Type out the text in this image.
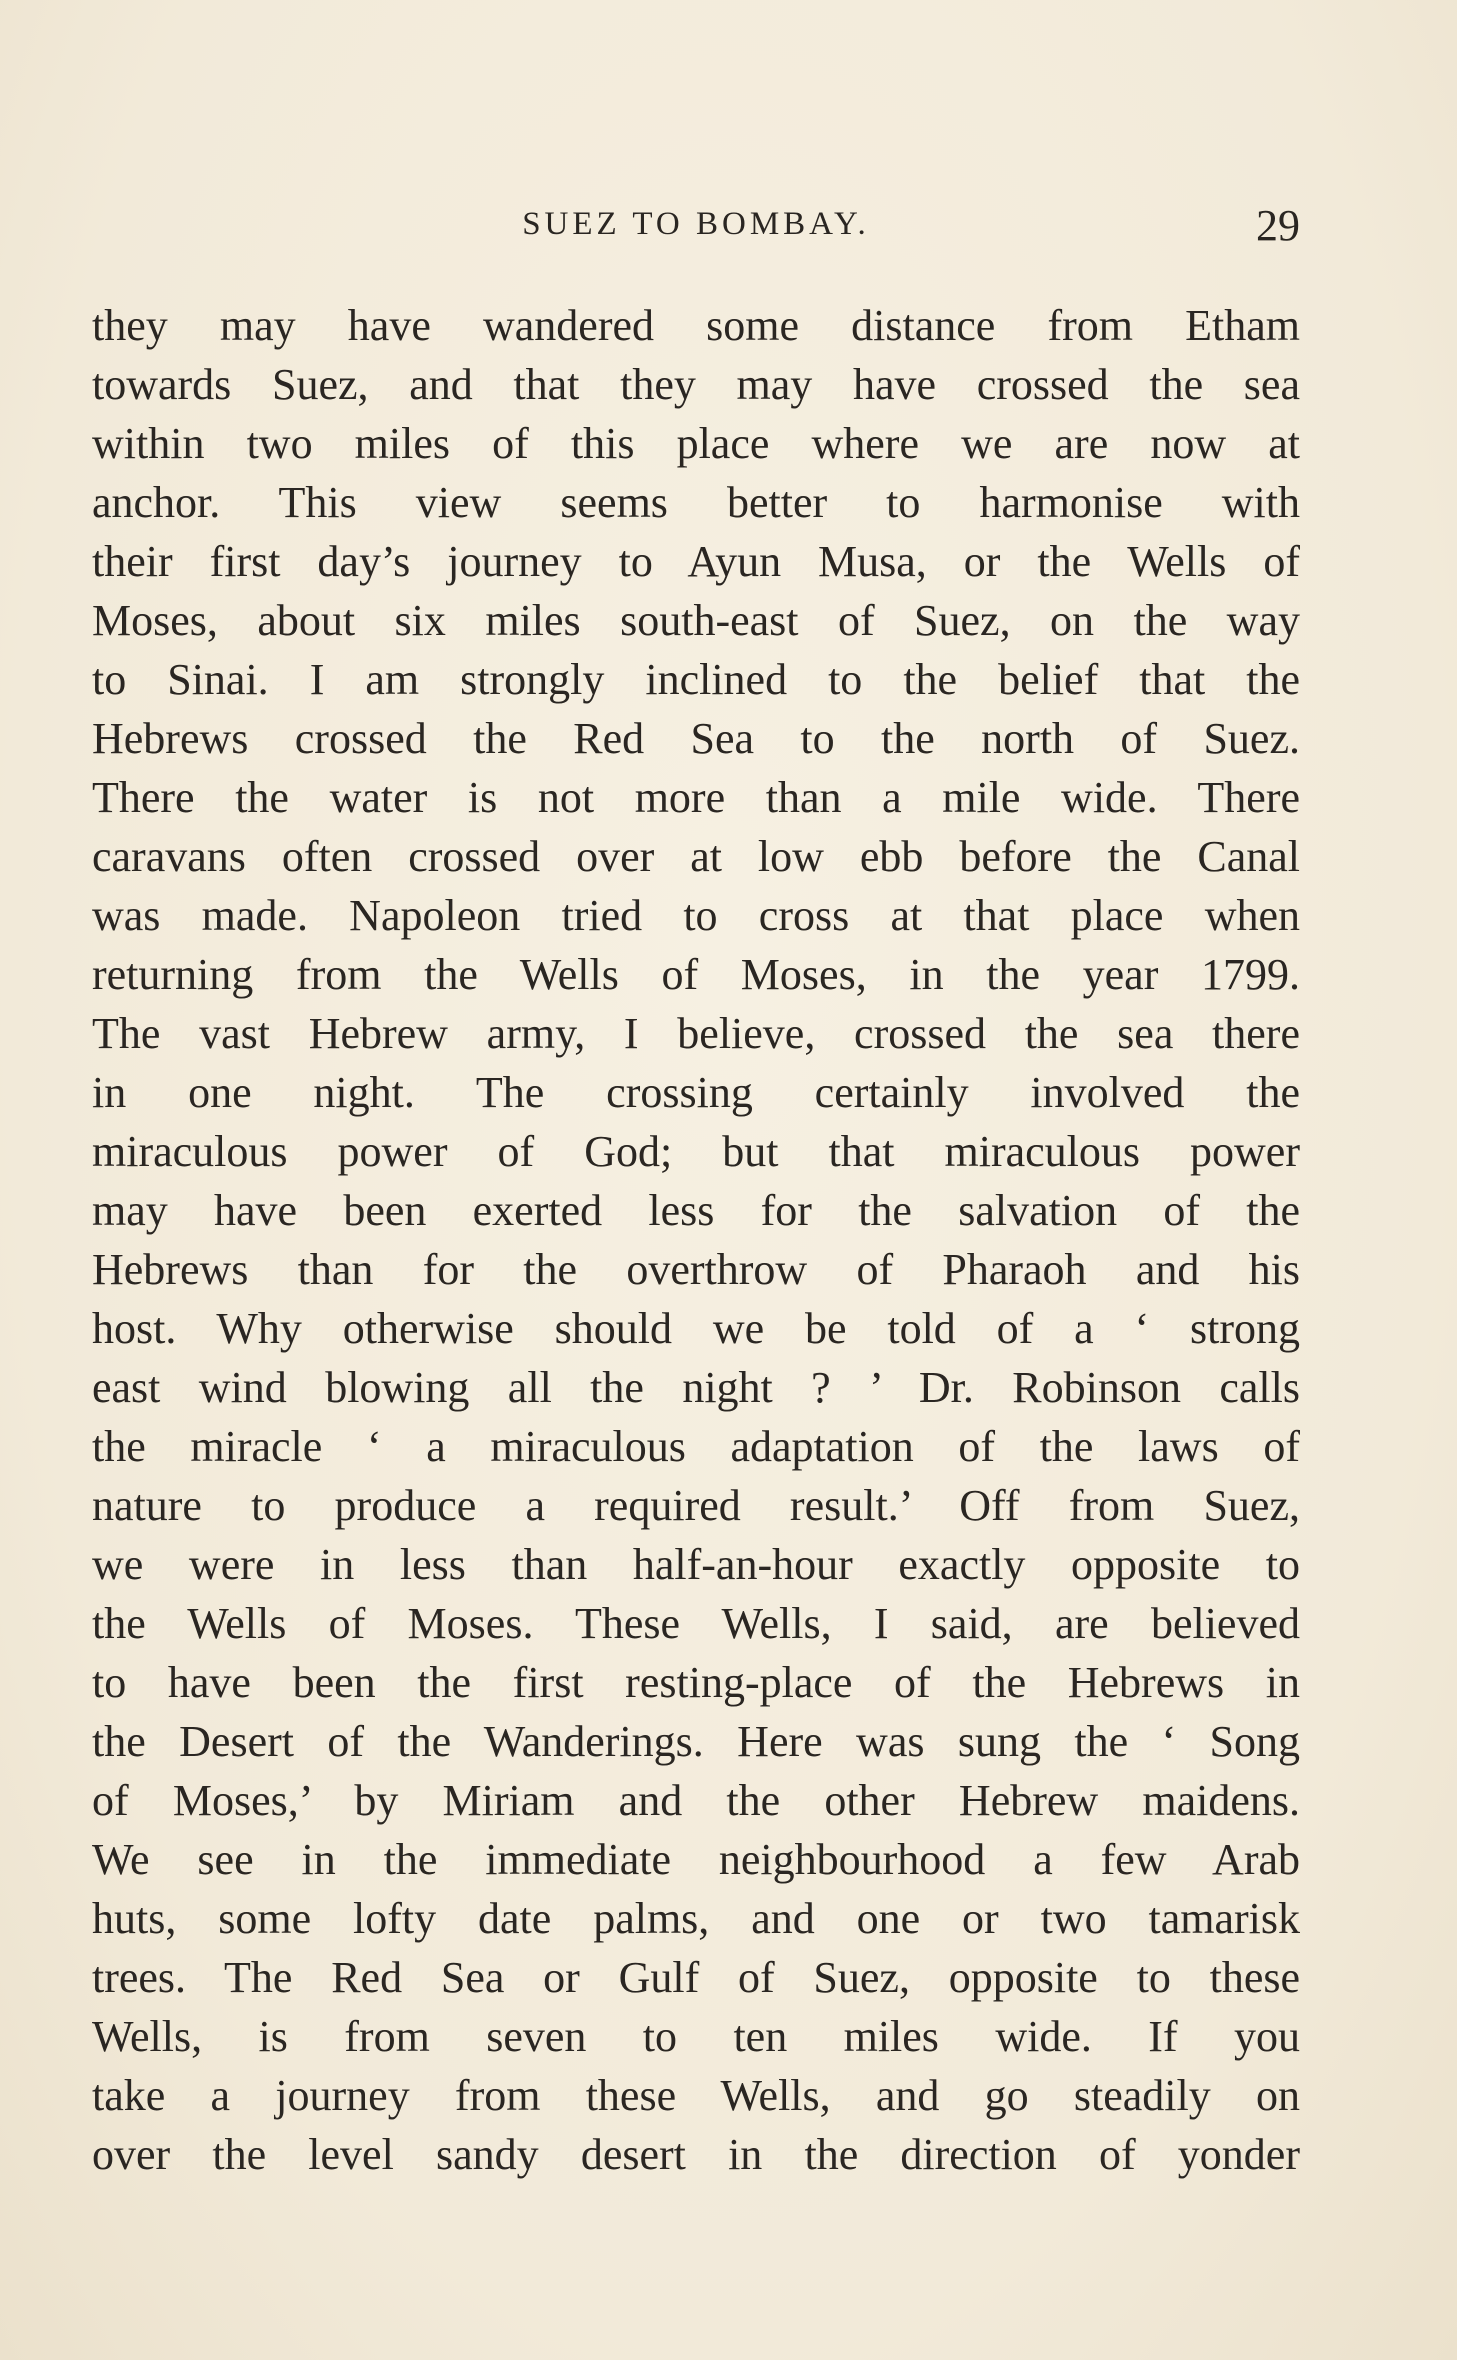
SUEZ TO BOMBAY.	29
they may have wandered some distance from Etham
towards Suez, and that they may have crossed the sea
within two miles of this place where we are now at
anchor. This view seems better to harmonise with
their first day’s journey to Ayun Musa, or the Wells of
Moses, about six miles south-east of Suez, on the way
to Sinai. I am strongly inclined to the belief that the
Hebrews crossed the Red Sea to the north of Suez.
There the water is not more than a mile wide. There
caravans often crossed over at low ebb before the Canal
was made. Napoleon tried to cross at that place when
returning from the Wells of Moses, in the year 1799.
The vast Hebrew army, I believe, crossed the sea there
in one night. The crossing certainly involved the
miraculous power of God; but that miraculous power
may have been exerted less for the salvation of the
Hebrews than for the overthrow of Pharaoh and his
host. Why otherwise should we be told of a ‘ strong
east wind blowing all the night ? ’ Dr. Robinson calls
the miracle ‘ a miraculous adaptation of the laws of
nature to produce a required result.’ Off from Suez,
we were in less than half-an-hour exactly opposite to
the Wells of Moses. These Wells, I said, are believed
to have been the first resting-place of the Hebrews in
the Desert of the Wanderings. Here was sung the ‘ Song
of Moses,’ by Miriam and the other Hebrew maidens.
We see in the immediate neighbourhood a few Arab
huts, some lofty date palms, and one or two tamarisk
trees. The Red Sea or Gulf of Suez, opposite to these
Wells, is from seven to ten miles wide. If you
take a journey from these Wells, and go steadily on
over the level sandy desert in the direction of yonder
